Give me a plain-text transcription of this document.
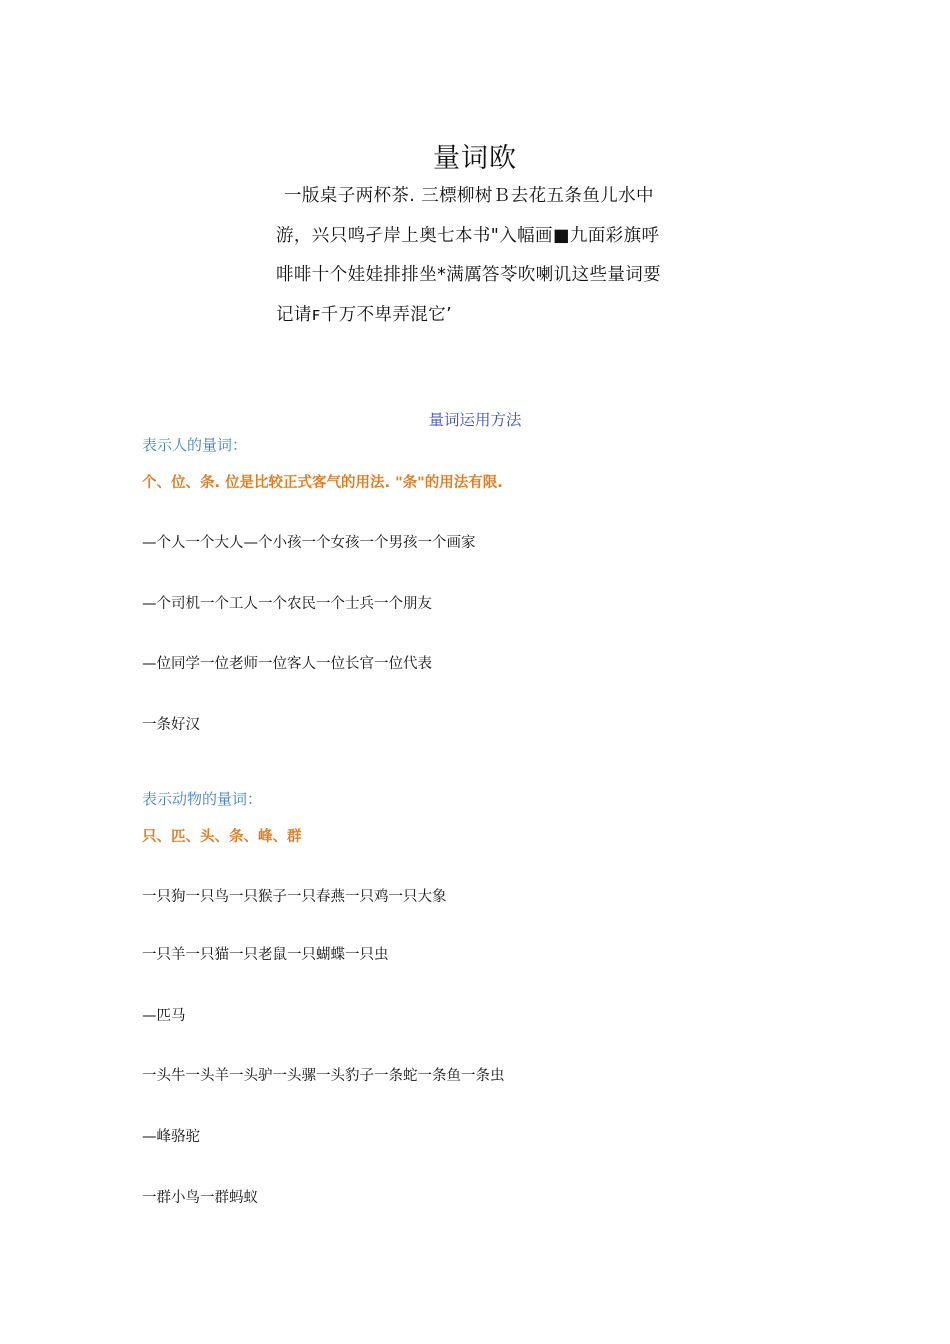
量词欧
一版桌子两杯茶. 三標柳树Ｂ去花五条鱼儿水中
游，兴只鸣孑岸上奥七本书"入幅画■九面彩旗呼
啡啡十个娃娃排排坐*满厲答苓吹喇讥这些量词要
记请ꜰ千万不卑弄混它’
量词运用方法
表示人的量词：
个、位、条. 位是比较正式客气的用法. "条"的用法有限.
—个人一个大人—个小孩一个女孩一个男孩一个画家
—个司机一个工人一个农民一个士兵一个朋友
—位同学一位老师一位客人一位长官一位代表
一条好汉
表示动物的量词：
只、匹、头、条、峰、群
一只狗一只鸟一只猴子一只春燕一只鸡一只大象
一只羊一只猫一只老鼠一只蝴蝶一只虫
—匹马
一头牛一头羊一头驴一头骡一头豹子一条蛇一条鱼一条虫
—峰骆驼
一群小鸟一群蚂蚁
